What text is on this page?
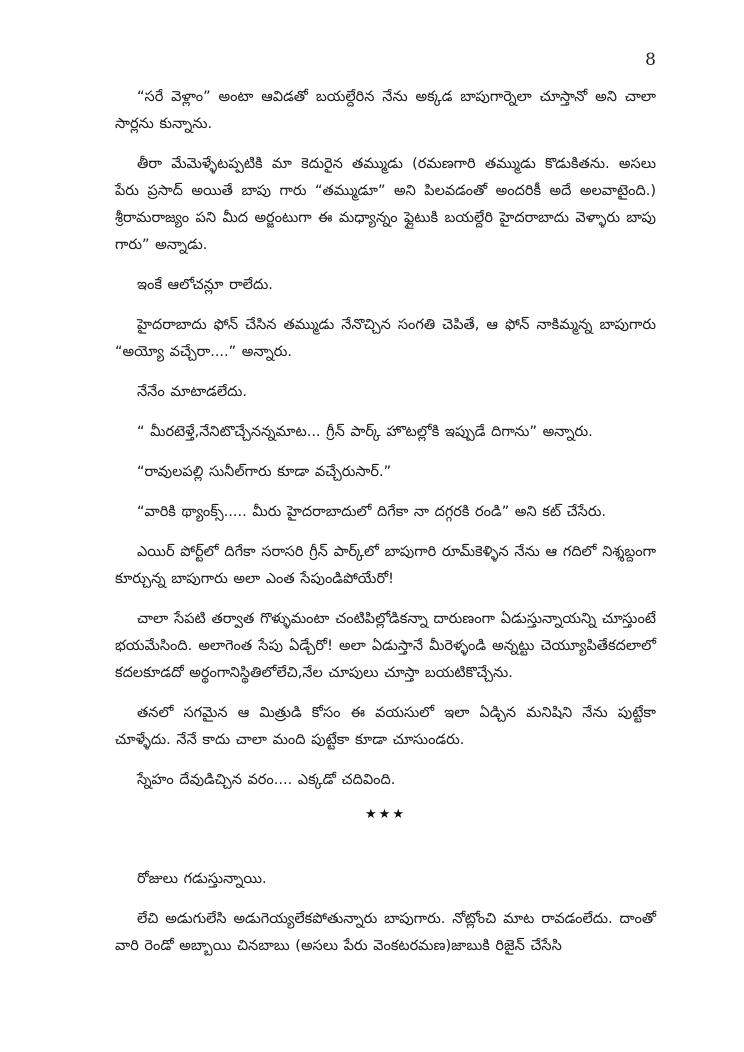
8

“సరే వెళ్లాం” అంటా ఆవిడతో బయల్దేరిన నేను అక్కడ బాపుగార్నెలా చూస్తానో అని చాలా సార్లను కున్నాను.

తీరా మేమెళ్ళేటప్పటికి మా కెదురైన తమ్ముడు (రమణగారి తమ్ముడు కొడుకితను. అసలు పేరు ప్రసాద్ అయితే బాపు గారు “తమ్ముడూ” అని పిలవడంతో అందరికీ అదే అలవాటైంది.) శ్రీరామరాజ్యం పని మీద అర్జంటుగా ఈ మధ్యాన్నం ఫ్లైటుకి బయల్దేరి హైదరాబాదు వెళ్ళారు బాపు గారు” అన్నాడు.

ఇంకే ఆలోచన్లూ రాలేదు.

హైదరాబాదు ఫోన్ చేసిన తమ్ముడు నేనొచ్చిన సంగతి చెపితే, ఆ ఫోన్ నాకిమ్మన్న బాపుగారు “అయ్యో వచ్చేరా....” అన్నారు.

నేనేం మాటాడలేదు.

“ మీరటెళ్తే,నేనిటొచ్చేనన్నమాట... గ్రీన్ పార్క్ హొటల్లోకి ఇప్పుడే దిగాను” అన్నారు.

“రావులపల్లి సునీల్‌గారు కూడా వచ్చేరుసార్.”

“వారికి థ్యాంక్స్..... మీరు హైదరాబాదులో దిగేకా నా దగ్గరకి రండి” అని కట్ చేసేరు.

ఎయిర్ పోర్ట్‌లో దిగేకా సరాసరి గ్రీన్ పార్క్‌లో బాపుగారి రూమ్‌కెళ్ళిన నేను ఆ గదిలో నిశ్శబ్దంగా కూర్చున్న బాపుగారు అలా ఎంత సేపుండిపోయేరో!

చాలా సేపటి తర్వాత గొళ్ళుమంటా చంటిపిల్లోడికన్నా దారుణంగా ఏడుస్తున్నాయన్ని చూస్తుంటే భయమేసింది. అలాగెంత సేపు ఏడ్చేరో! అలా ఏడుస్తానే మీరెళ్ళండి అన్నట్టు చెయ్యూపితేకదలాలో కదలకూడదో అర్థంగానిస్థితిలోలేచి,నేల చూపులు చూస్తా బయటికొచ్చేను.

తనలో సగమైన ఆ మిత్రుడి కోసం ఈ వయసులో ఇలా ఏడ్చిన మనిషిని నేను పుట్టేకా చూళ్ళేదు. నేనే కాదు చాలా మంది పుట్టేకా కూడా చూసుండరు.

స్నేహం దేవుడిచ్చిన వరం.... ఎక్కడో చదివింది.

★★★

రోజులు గడుస్తున్నాయి.

లేచి అడుగులేసి అడుగెయ్యలేకపోతున్నారు బాపుగారు. నోట్లోంచి మాట రావడంలేదు. దాంతో వారి రెండో అబ్బాయి చినబాబు (అసలు పేరు వెంకటరమణ)జాబుకి రిజైన్ చేసేసి
